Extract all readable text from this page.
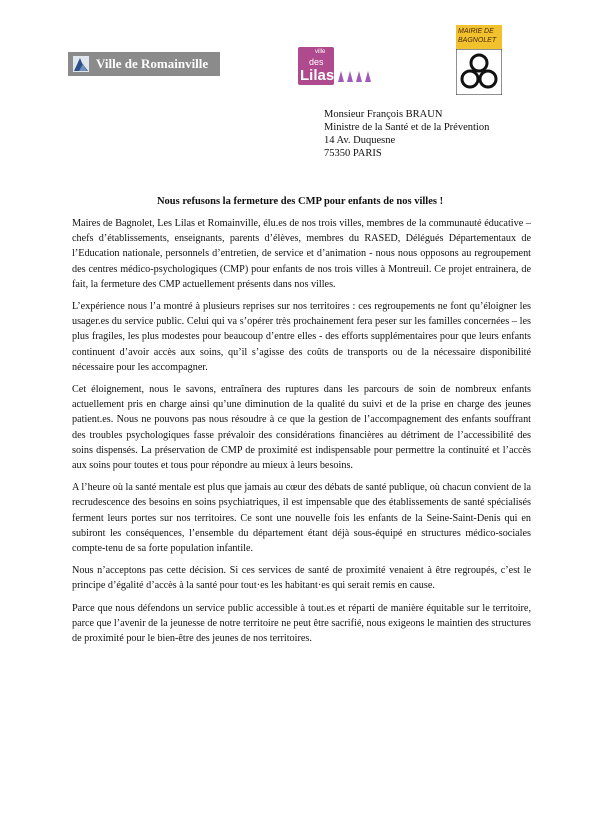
Ville de Romainville
ville
des
Lilas
MAIRIE DE
BAGNOLET
Monsieur François BRAUN
Ministre de la Santé et de la Prévention
14 Av. Duquesne
75350 PARIS
Nous refusons la fermeture des CMP pour enfants de nos villes !

Maires de Bagnolet, Les Lilas et Romainville, élu.es de nos trois villes, membres de la communauté éducative – chefs d’établissements, enseignants, parents d’élèves, membres du RASED, Délégués Départementaux de l’Education nationale, personnels d’entretien, de service et d’animation - nous nous opposons au regroupement des centres médico-psychologiques (CMP) pour enfants de nos trois villes à Montreuil. Ce projet entrainera, de fait, la fermeture des CMP actuellement présents dans nos villes.

L’expérience nous l’a montré à plusieurs reprises sur nos territoires : ces regroupements ne font qu’éloigner les usager.es du service public. Celui qui va s’opérer très prochainement fera peser sur les familles concernées – les plus fragiles, les plus modestes pour beaucoup d’entre elles - des efforts supplémentaires pour que leurs enfants continuent d’avoir accès aux soins, qu’il s’agisse des coûts de transports ou de la nécessaire disponibilité nécessaire pour les accompagner.

Cet éloignement, nous le savons, entraînera des ruptures dans les parcours de soin de nombreux enfants actuellement pris en charge ainsi qu’une diminution de la qualité du suivi et de la prise en charge des jeunes patient.es. Nous ne pouvons pas nous résoudre à ce que la gestion de l’accompagnement des enfants souffrant des troubles psychologiques fasse prévaloir des considérations financières au détriment de l’accessibilité des soins dispensés. La préservation de CMP de proximité est indispensable pour permettre la continuité et l’accès aux soins pour toutes et tous pour répondre au mieux à leurs besoins.

A l’heure où la santé mentale est plus que jamais au cœur des débats de santé publique, où chacun convient de la recrudescence des besoins en soins psychiatriques, il est impensable que des établissements de santé spécialisés ferment leurs portes sur nos territoires. Ce sont une nouvelle fois les enfants de la Seine-Saint-Denis qui en subiront les conséquences, l’ensemble du département étant déjà sous-équipé en structures médico-sociales compte-tenu de sa forte population infantile.

Nous n’acceptons pas cette décision. Si ces services de santé de proximité venaient à être regroupés, c’est le principe d’égalité d’accès à la santé pour tout·es les habitant·es qui serait remis en cause.

Parce que nous défendons un service public accessible à tout.es et réparti de manière équitable sur le territoire, parce que l’avenir de la jeunesse de notre territoire ne peut être sacrifié, nous exigeons le maintien des structures de proximité pour le bien-être des jeunes de nos territoires.
